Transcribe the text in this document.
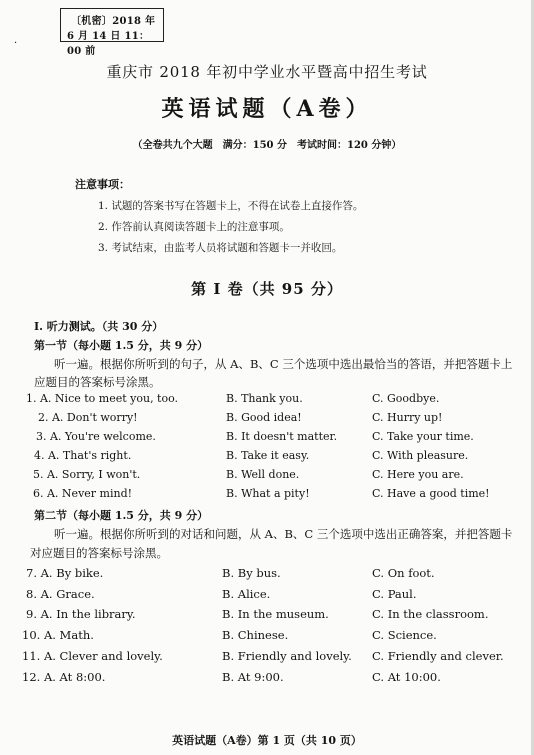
〔机密〕2018 年
6 月 14 日 11：00 前
·
重庆市 2018 年初中学业水平暨高中招生考试
英语试题（A卷）
（全卷共九个大题　满分：150 分　考试时间：120 分钟）
注意事项：
1. 试题的答案书写在答题卡上，不得在试卷上直接作答。
2. 作答前认真阅读答题卡上的注意事项。
3. 考试结束，由监考人员将试题和答题卡一并收回。
第 Ⅰ 卷（共 95 分）
Ⅰ. 听力测试。（共 30 分）
第一节（每小题 1.5 分，共 9 分）
听一遍。根据你所听到的句子，从 A、B、C 三个选项中选出最恰当的答语，并把答题卡上
应题目的答案标号涂黑。
1. A. Nice to meet you, too.	B. Thank you.	C. Goodbye.
2. A. Don't worry!	B. Good idea!	C. Hurry up!
3. A. You're welcome.	B. It doesn't matter.	C. Take your time.
4. A. That's right.	B. Take it easy.	C. With pleasure.
5. A. Sorry, I won't.	B. Well done.	C. Here you are.
6. A. Never mind!	B. What a pity!	C. Have a good time!
第二节（每小题 1.5 分，共 9 分）
听一遍。根据你所听到的对话和问题，从 A、B、C 三个选项中选出正确答案，并把答题卡
对应题目的答案标号涂黑。
7. A. By bike.	B. By bus.	C. On foot.
8. A. Grace.	B. Alice.	C. Paul.
9. A. In the library.	B. In the museum.	C. In the classroom.
10. A. Math.	B. Chinese.	C. Science.
11. A. Clever and lovely.	B. Friendly and lovely. C. Friendly and clever.
12. A. At 8:00.	B. At 9:00.	C. At 10:00.
英语试题（A卷）第 1 页（共 10 页）
